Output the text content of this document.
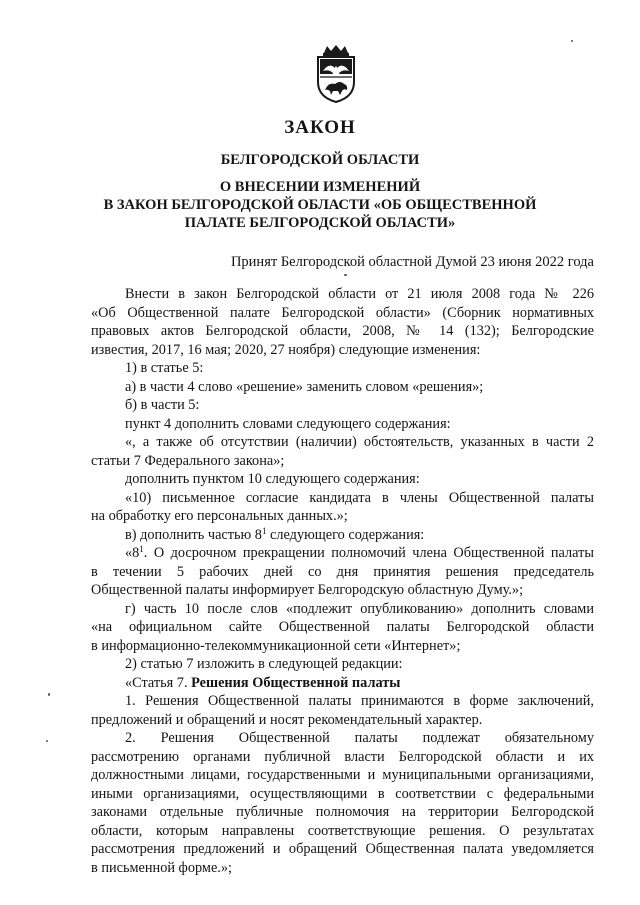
ЗАКОН

БЕЛГОРОДСКОЙ ОБЛАСТИ

О ВНЕСЕНИИ ИЗМЕНЕНИЙ
В ЗАКОН БЕЛГОРОДСКОЙ ОБЛАСТИ «ОБ ОБЩЕСТВЕННОЙ
ПАЛАТЕ БЕЛГОРОДСКОЙ ОБЛАСТИ»

Принят Белгородской областной Думой 23 июня 2022 года

Внести в закон Белгородской области от 21 июля 2008 года № 226
«Об Общественной палате Белгородской области» (Сборник нормативных
правовых актов Белгородской области, 2008, № 14 (132); Белгородские
известия, 2017, 16 мая; 2020, 27 ноября) следующие изменения:
1) в статье 5:
а) в части 4 слово «решение» заменить словом «решения»;
б) в части 5:
пункт 4 дополнить словами следующего содержания:
«, а также об отсутствии (наличии) обстоятельств, указанных в части 2
статьи 7 Федерального закона»;
дополнить пунктом 10 следующего содержания:
«10) письменное согласие кандидата в члены Общественной палаты
на обработку его персональных данных.»;
в) дополнить частью $8^1$ следующего содержания:
«$8^1$. О досрочном прекращении полномочий члена Общественной палаты
в течении 5 рабочих дней со дня принятия решения председатель
Общественной палаты информирует Белгородскую областную Думу.»;
г) часть 10 после слов «подлежит опубликованию» дополнить словами
«на официальном сайте Общественной палаты Белгородской области
в информационно-телекоммуникационной сети «Интернет»;
2) статью 7 изложить в следующей редакции:
«Статья 7. Решения Общественной палаты
1. Решения Общественной палаты принимаются в форме заключений,
предложений и обращений и носят рекомендательный характер.
2. Решения Общественной палаты подлежат обязательному
рассмотрению органами публичной власти Белгородской области и их
должностными лицами, государственными и муниципальными организациями,
иными организациями, осуществляющими в соответствии с федеральными
законами отдельные публичные полномочия на территории Белгородской
области, которым направлены соответствующие решения. О результатах
рассмотрения предложений и обращений Общественная палата уведомляется
в письменной форме.»;
